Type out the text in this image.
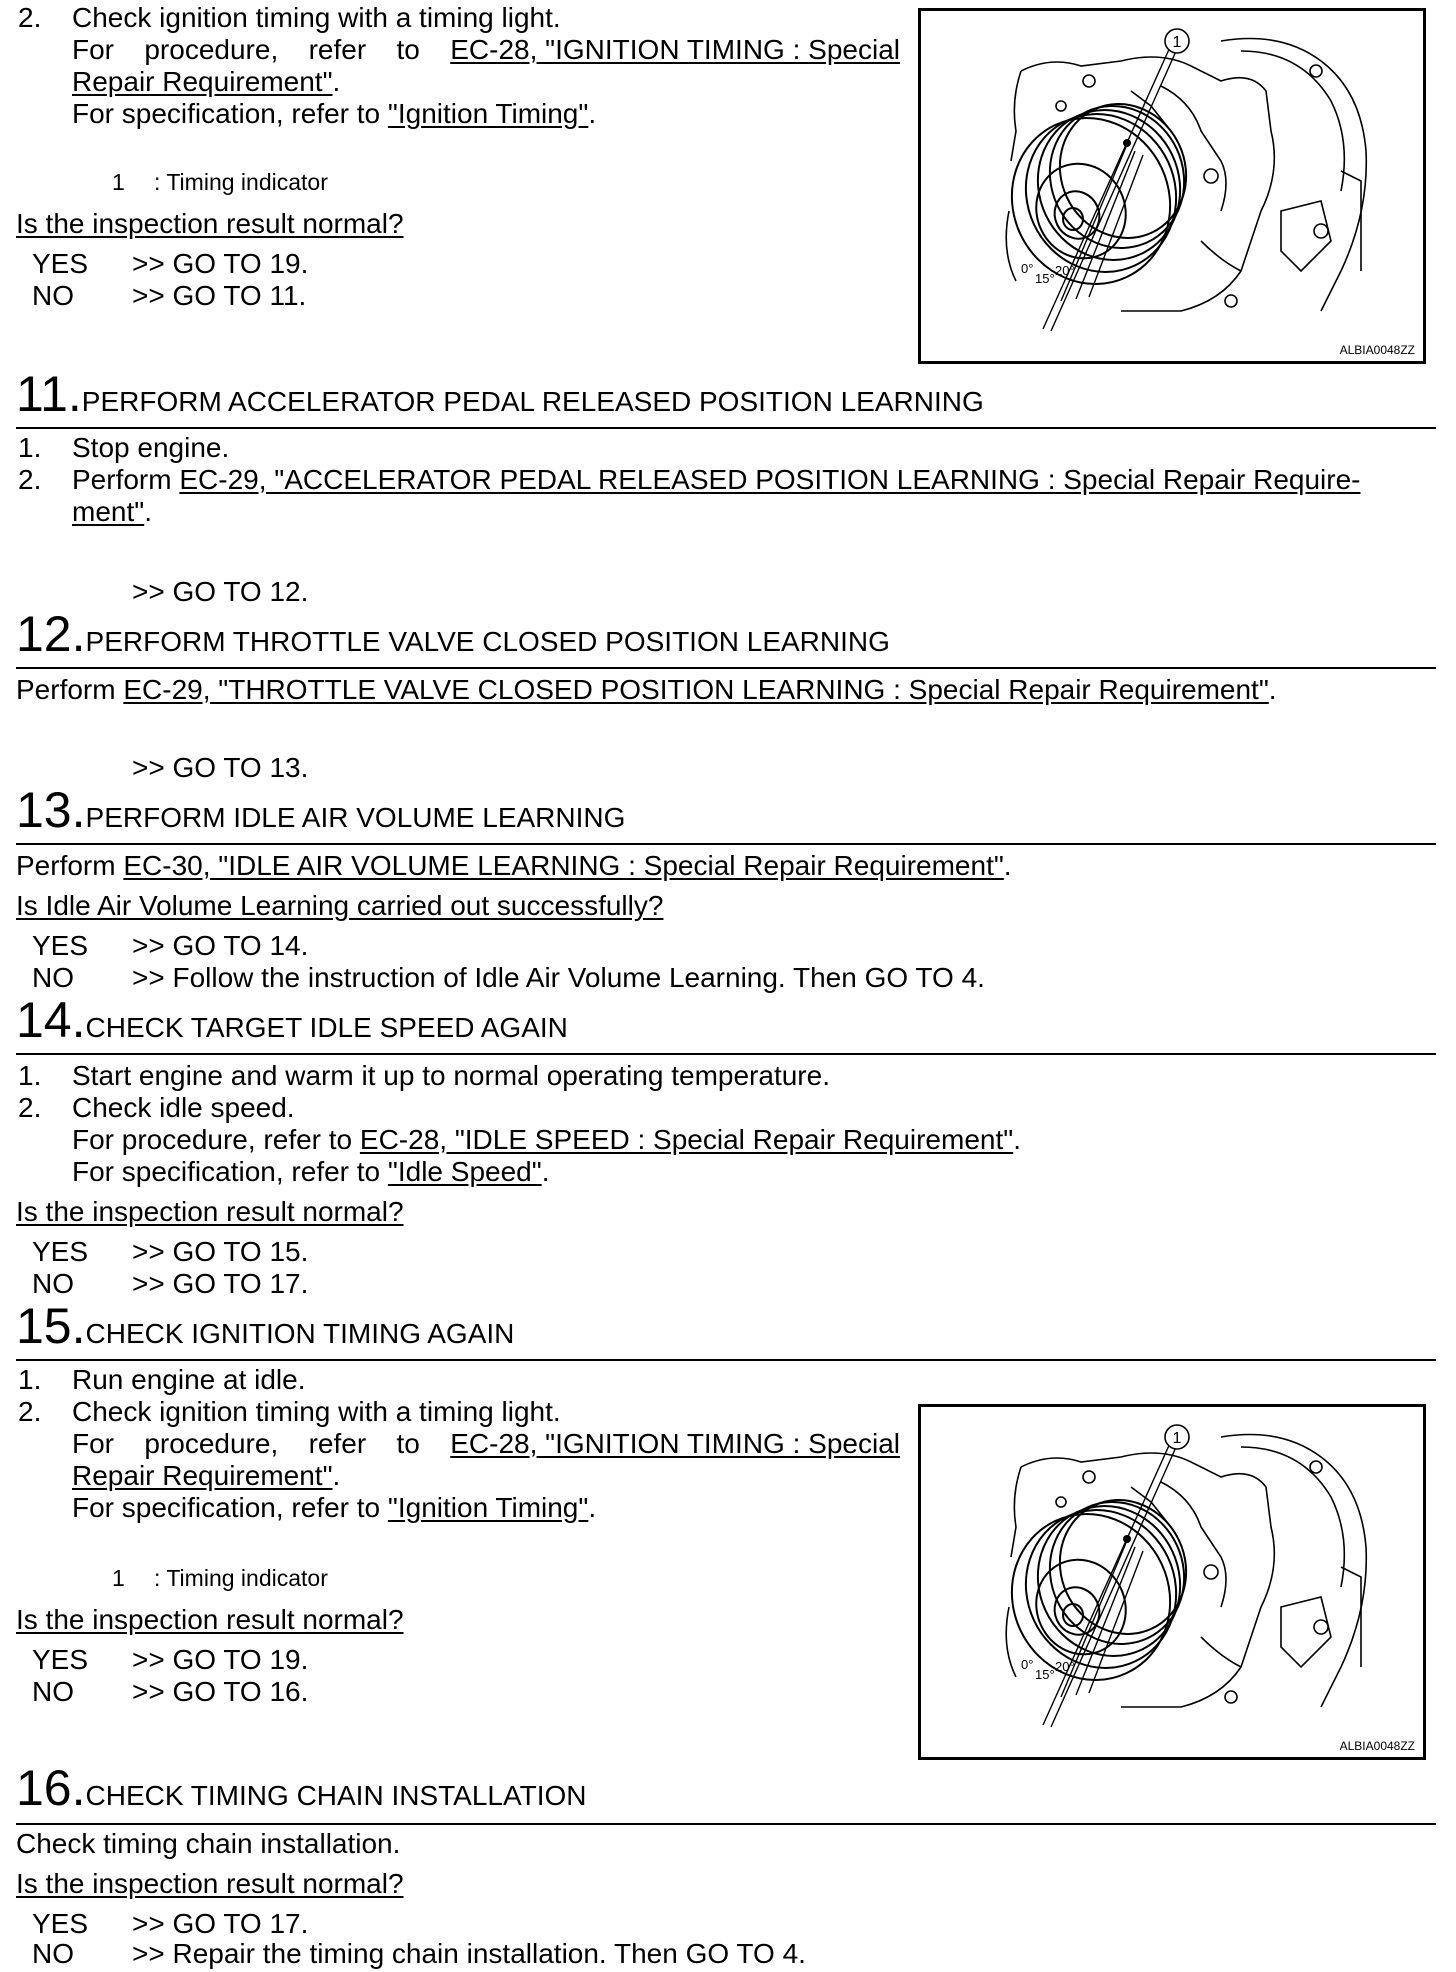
2. Check ignition timing with a timing light.
For procedure, refer to EC-28, "IGNITION TIMING : Special
Repair Requirement".
For specification, refer to "Ignition Timing".
1 : Timing indicator
Is the inspection result normal?
YES >> GO TO 19.
NO >> GO TO 11.
1
0°
15°
20°
ALBIA0048ZZ
11.PERFORM ACCELERATOR PEDAL RELEASED POSITION LEARNING
1. Stop engine.
2. Perform EC-29, "ACCELERATOR PEDAL RELEASED POSITION LEARNING : Special Repair Require-
ment".
>> GO TO 12.
12.PERFORM THROTTLE VALVE CLOSED POSITION LEARNING
Perform EC-29, "THROTTLE VALVE CLOSED POSITION LEARNING : Special Repair Requirement".
>> GO TO 13.
13.PERFORM IDLE AIR VOLUME LEARNING
Perform EC-30, "IDLE AIR VOLUME LEARNING : Special Repair Requirement".
Is Idle Air Volume Learning carried out successfully?
YES >> GO TO 14.
NO >> Follow the instruction of Idle Air Volume Learning. Then GO TO 4.
14.CHECK TARGET IDLE SPEED AGAIN
1. Start engine and warm it up to normal operating temperature.
2. Check idle speed.
For procedure, refer to EC-28, "IDLE SPEED : Special Repair Requirement".
For specification, refer to "Idle Speed".
Is the inspection result normal?
YES >> GO TO 15.
NO >> GO TO 17.
15.CHECK IGNITION TIMING AGAIN
1. Run engine at idle.
2. Check ignition timing with a timing light.
For procedure, refer to EC-28, "IGNITION TIMING : Special
Repair Requirement".
For specification, refer to "Ignition Timing".
1 : Timing indicator
Is the inspection result normal?
YES >> GO TO 19.
NO >> GO TO 16.
1
0°
15°
20°
ALBIA0048ZZ
16.CHECK TIMING CHAIN INSTALLATION
Check timing chain installation.
Is the inspection result normal?
YES >> GO TO 17.
NO >> Repair the timing chain installation. Then GO TO 4.
